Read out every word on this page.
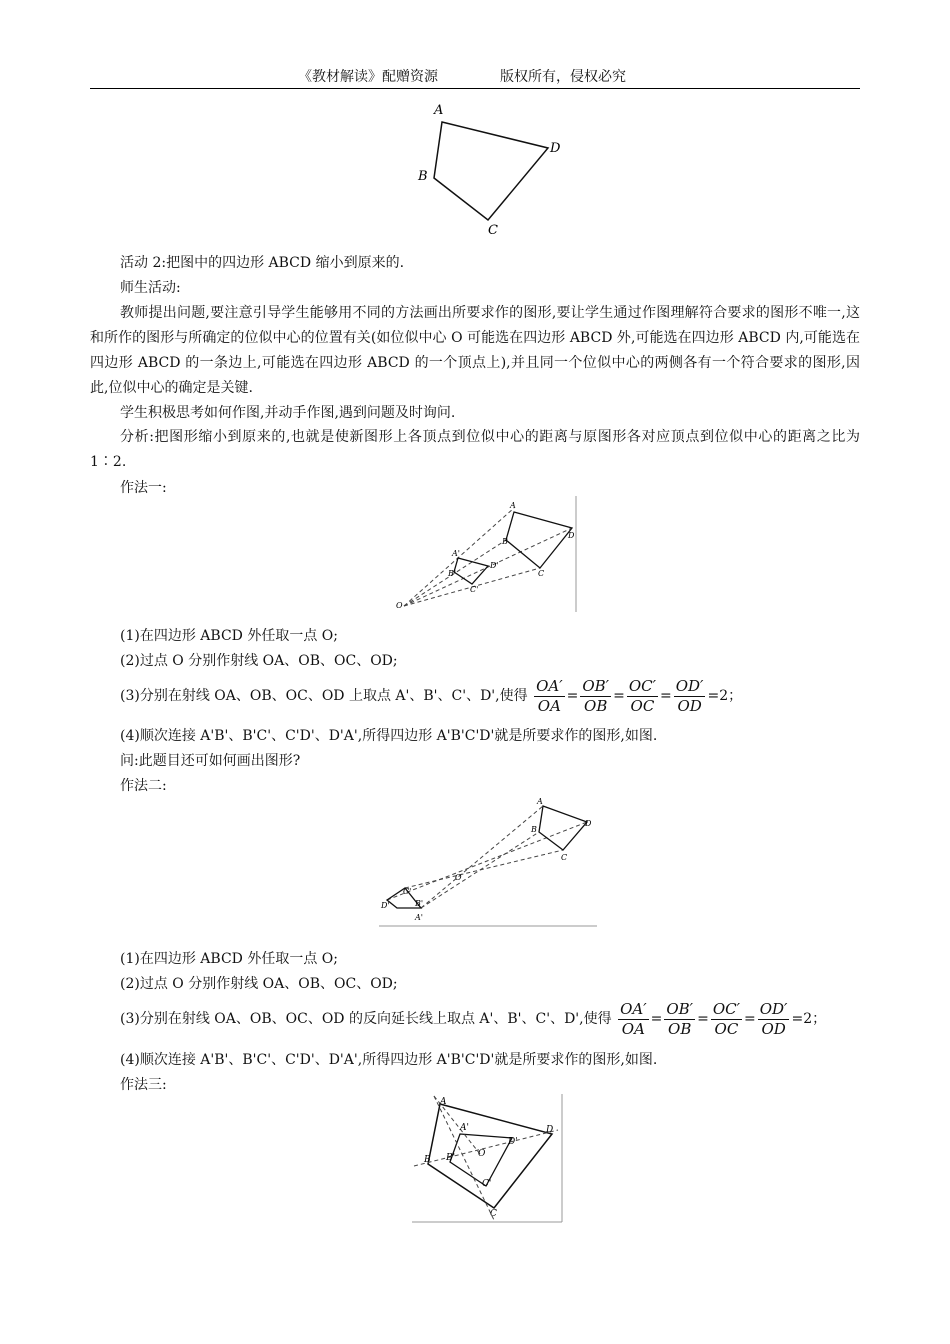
《教材解读》配赠资源	版权所有，侵权必究
A
D
B
C
活动 2:把图中的四边形 ABCD 缩小到原来的.
师生活动:
教师提出问题,要注意引导学生能够用不同的方法画出所要求作的图形,要让学生通过作图理解符合要求的图形不唯一,这和所作的图形与所确定的位似中心的位置有关(如位似中心 O 可能选在四边形 ABCD 外,可能选在四边形 ABCD 内,可能选在四边形 ABCD 的一条边上,可能选在四边形 ABCD 的一个顶点上),并且同一个位似中心的两侧各有一个符合要求的图形,因此,位似中心的确定是关键.
学生积极思考如何作图,并动手作图,遇到问题及时询问.
分析:把图形缩小到原来的,也就是使新图形上各顶点到位似中心的距离与原图形各对应顶点到位似中心的距离之比为 1∶2.
作法一:
A
D
B
C
A'
D'
B'
C'
O
(1)在四边形 ABCD 外任取一点 O;
(2)过点 O 分别作射线 OA、OB、OC、OD;
(3)分别在射线 OA、OB、OC、OD 上取点 A'、B'、C'、D',使得 $\frac{OA'}{OA} = \frac{OB'}{OB} = \frac{OC'}{OC} = \frac{OD'}{OD} =2$；
(4)顺次连接 A'B'、B'C'、C'D'、D'A',所得四边形 A'B'C'D'就是所要求作的图形,如图.
问:此题目还可如何画出图形?
作法二:
A
D
B
C
O
C'
D'	B'
A'
(1)在四边形 ABCD 外任取一点 O;
(2)过点 O 分别作射线 OA、OB、OC、OD;
(3)分别在射线 OA、OB、OC、OD 的反向延长线上取点 A'、B'、C'、D',使得 $\frac{OA'}{OA} = \frac{OB'}{OB} = \frac{OC'}{OC} = \frac{OD'}{OD} =2$；
(4)顺次连接 A'B'、B'C'、C'D'、D'A',所得四边形 A'B'C'D'就是所要求作的图形,如图.
作法三:
A
D
B
C
A'
D'
B'
C'
O
